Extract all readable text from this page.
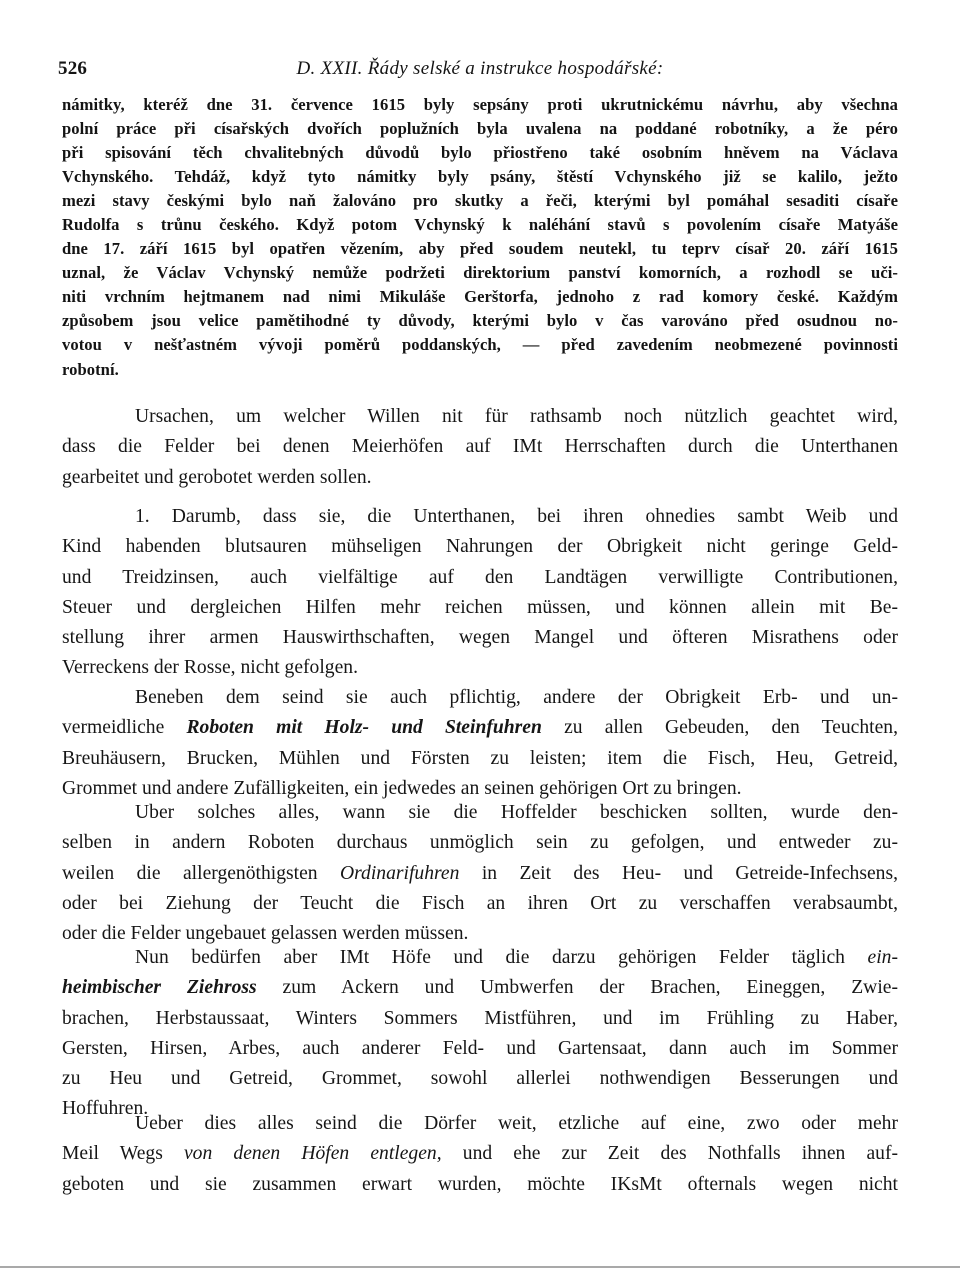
526	D. XXII. Řády selské a instrukce hospodářské:
námitky, kteréž dne 31. července 1615 byly sepsány proti ukrutnickému návrhu, aby všechna
polní práce při císařských dvořích poplužních byla uvalena na poddané robotníky, a že péro
při spisování těch chvalitebných důvodů bylo přiostřeno také osobním hněvem na Václava
Vchynského. Tehdáž, když tyto námitky byly psány, štěstí Vchynského již se kalilo, ježto
mezi stavy českými bylo naň žalováno pro skutky a řeči, kterými byl pomáhal sesaditi císaře
Rudolfa s trůnu českého. Když potom Vchynský k naléhání stavů s povolením císaře Matyáše
dne 17. září 1615 byl opatřen vězením, aby před soudem neutekl, tu teprv císař 20. září 1615
uznal, že Václav Vchynský nemůže podržeti direktorium panství komorních, a rozhodl se uči-
niti vrchním hejtmanem nad nimi Mikuláše Gerštorfa, jednoho z rad komory české. Každým
způsobem jsou velice pamětihodné ty důvody, kterými bylo v čas varováno před osudnou no-
votou v nešťastném vývoji poměrů poddanských, — před zavedením neobmezené povinnosti
robotní.
Ursachen, um welcher Willen nit für rathsamb noch nützlich geachtet wird,
dass die Felder bei denen Meierhöfen auf IMt Herrschaften durch die Unterthanen
gearbeitet und gerobotet werden sollen.
1. Darumb, dass sie, die Unterthanen, bei ihren ohnedies sambt Weib und
Kind habenden blutsauren mühseligen Nahrungen der Obrigkeit nicht geringe Geld-
und Treidzinsen, auch vielfältige auf den Landtägen verwilligte Contributionen,
Steuer und dergleichen Hilfen mehr reichen müssen, und können allein mit Be-
stellung ihrer armen Hauswirthschaften, wegen Mangel und öfteren Misrathens oder
Verreckens der Rosse, nicht gefolgen.
Beneben dem seind sie auch pflichtig, andere der Obrigkeit Erb- und un-
vermeidliche Roboten mit Holz- und Steinfuhren zu allen Gebeuden, den Teuchten,
Breuhäusern, Brucken, Mühlen und Försten zu leisten; item die Fisch, Heu, Getreid,
Grommet und andere Zufälligkeiten, ein jedwedes an seinen gehörigen Ort zu bringen.
Uber solches alles, wann sie die Hoffelder beschicken sollten, wurde den-
selben in andern Roboten durchaus unmöglich sein zu gefolgen, und entweder zu-
weilen die allergenöthigsten Ordinarifuhren in Zeit des Heu- und Getreide-Infechsens,
oder bei Ziehung der Teucht die Fisch an ihren Ort zu verschaffen verabsaumbt,
oder die Felder ungebauet gelassen werden müssen.
Nun bedürfen aber IMt Höfe und die darzu gehörigen Felder täglich ein-
heimbischer Ziehross zum Ackern und Umbwerfen der Brachen, Eineggen, Zwie-
brachen, Herbstaussaat, Winters Sommers Mistführen, und im Frühling zu Haber,
Gersten, Hirsen, Arbes, auch anderer Feld- und Gartensaat, dann auch im Sommer
zu Heu und Getreid, Grommet, sowohl allerlei nothwendigen Besserungen und
Hoffuhren.
Ueber dies alles seind die Dörfer weit, etzliche auf eine, zwo oder mehr
Meil Wegs von denen Höfen entlegen, und ehe zur Zeit des Nothfalls ihnen auf-
geboten und sie zusammen erwart wurden, möchte IKsMt ofternals wegen nicht
